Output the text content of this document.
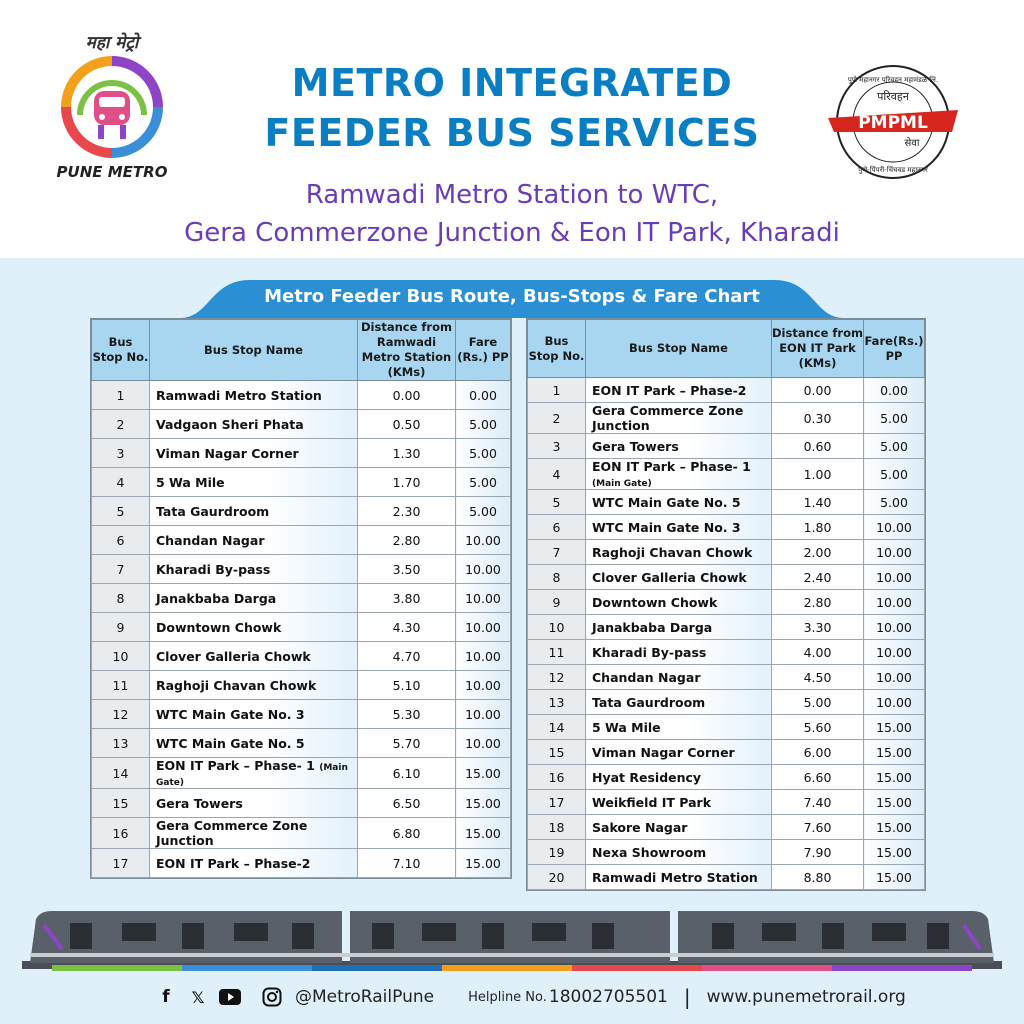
महा मेट्रो
PUNE METRO
METRO INTEGRATED
FEEDER BUS SERVICES
पुणे महानगर परिवहन महामंडळ लि.
परिवहन
PMPML
सेवा
पुणे-पिंपरी-चिंचवड महानगर
Ramwadi Metro Station to WTC,
Gera Commerzone Junction & Eon IT Park, Kharadi
Metro Feeder Bus Route, Bus-Stops & Fare Chart
Bus Stop No.	Bus Stop Name	Distance from Ramwadi Metro Station (KMs)	Fare (Rs.) PP
1	Ramwadi Metro Station	0.00	0.00
2	Vadgaon Sheri Phata	0.50	5.00
3	Viman Nagar Corner	1.30	5.00
4	5 Wa Mile	1.70	5.00
5	Tata Gaurdroom	2.30	5.00
6	Chandan Nagar	2.80	10.00
7	Kharadi By-pass	3.50	10.00
8	Janakbaba Darga	3.80	10.00
9	Downtown Chowk	4.30	10.00
10	Clover Galleria Chowk	4.70	10.00
11	Raghoji Chavan Chowk	5.10	10.00
12	WTC Main Gate No. 3	5.30	10.00
13	WTC Main Gate No. 5	5.70	10.00
14	EON IT Park – Phase- 1 (Main Gate)	6.10	15.00
15	Gera Towers	6.50	15.00
16	Gera Commerce Zone Junction	6.80	15.00
17	EON IT Park – Phase-2	7.10	15.00
Bus Stop No.	Bus Stop Name	Distance from EON IT Park (KMs)	Fare(Rs.) PP
1	EON IT Park – Phase-2	0.00	0.00
2	Gera Commerce Zone Junction	0.30	5.00
3	Gera Towers	0.60	5.00
4	EON IT Park – Phase- 1 (Main Gate)	1.00	5.00
5	WTC Main Gate No. 5	1.40	5.00
6	WTC Main Gate No. 3	1.80	10.00
7	Raghoji Chavan Chowk	2.00	10.00
8	Clover Galleria Chowk	2.40	10.00
9	Downtown Chowk	2.80	10.00
10	Janakbaba Darga	3.30	10.00
11	Kharadi By-pass	4.00	10.00
12	Chandan Nagar	4.50	10.00
13	Tata Gaurdroom	5.00	10.00
14	5 Wa Mile	5.60	15.00
15	Viman Nagar Corner	6.00	15.00
16	Hyat Residency	6.60	15.00
17	Weikfield IT Park	7.40	15.00
18	Sakore Nagar	7.60	15.00
19	Nexa Showroom	7.90	15.00
20	Ramwadi Metro Station	8.80	15.00
f	𝕏	@MetroRailPune	Helpline No. 18002705501 | www.punemetrorail.org
